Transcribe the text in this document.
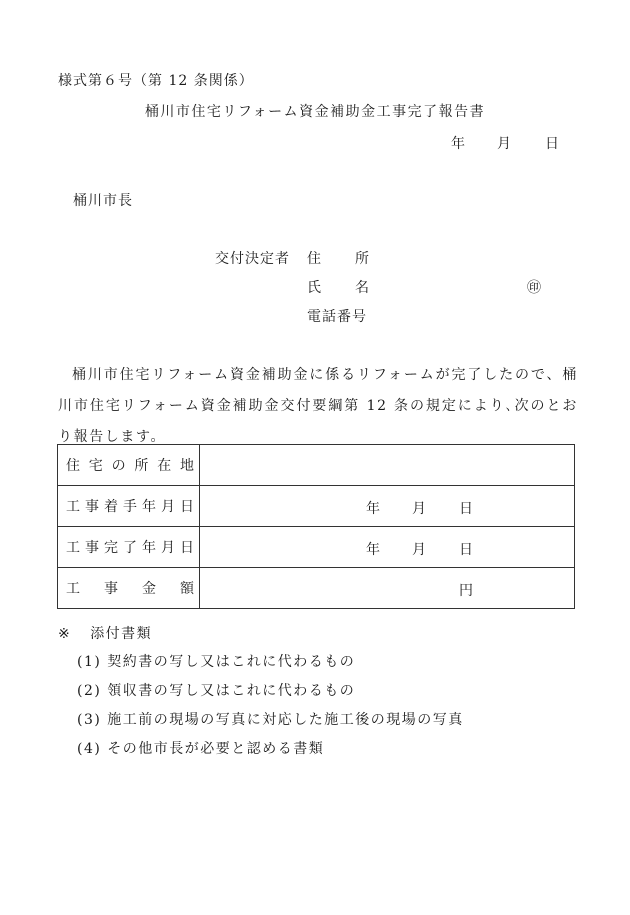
様式第６号（第 12 条関係）
桶川市住宅リフォーム資金補助金工事完了報告書
年 月 日
桶川市長
交付決定者 住 所
氏 名	㊞
電話番号
桶川市住宅リフォーム資金補助金に係るリフォームが完了したので、桶川市住宅リフォーム資金補助金交付要綱第 12 条の規定により､次のとおり報告します。
住宅の所在地	

工事着手年月日	年 月 日

工事完了年月日	年 月 日

工事金額	円
※ 添付書類
(1) 契約書の写し又はこれに代わるもの
(2) 領収書の写し又はこれに代わるもの
(3) 施工前の現場の写真に対応した施工後の現場の写真
(4) その他市長が必要と認める書類
